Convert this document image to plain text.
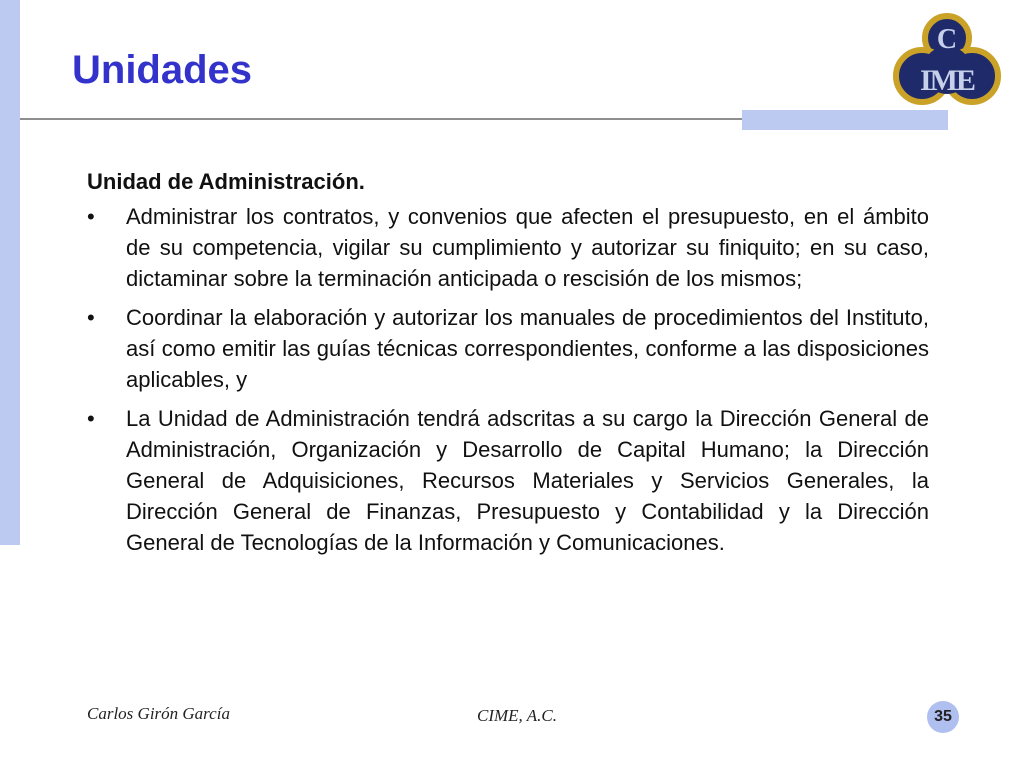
Unidades
C
IME

Unidad de Administración.

• Administrar los contratos, y convenios que afecten el presupuesto, en el ámbito de su competencia, vigilar su cumplimiento y autorizar su finiquito; en su caso, dictaminar sobre la terminación anticipada o rescisión de los mismos;
• Coordinar la elaboración y autorizar los manuales de procedimientos del Instituto, así como emitir las guías técnicas correspondientes, conforme a las disposiciones aplicables, y
• La Unidad de Administración tendrá adscritas a su cargo la Dirección General de Administración, Organización y Desarrollo de Capital Humano; la Dirección General de Adquisiciones, Recursos Materiales y Servicios Generales, la Dirección General de Finanzas, Presupuesto y Contabilidad y la Dirección General de Tecnologías de la Información y Comunicaciones.
Carlos Girón García	CIME, A.C.	35
